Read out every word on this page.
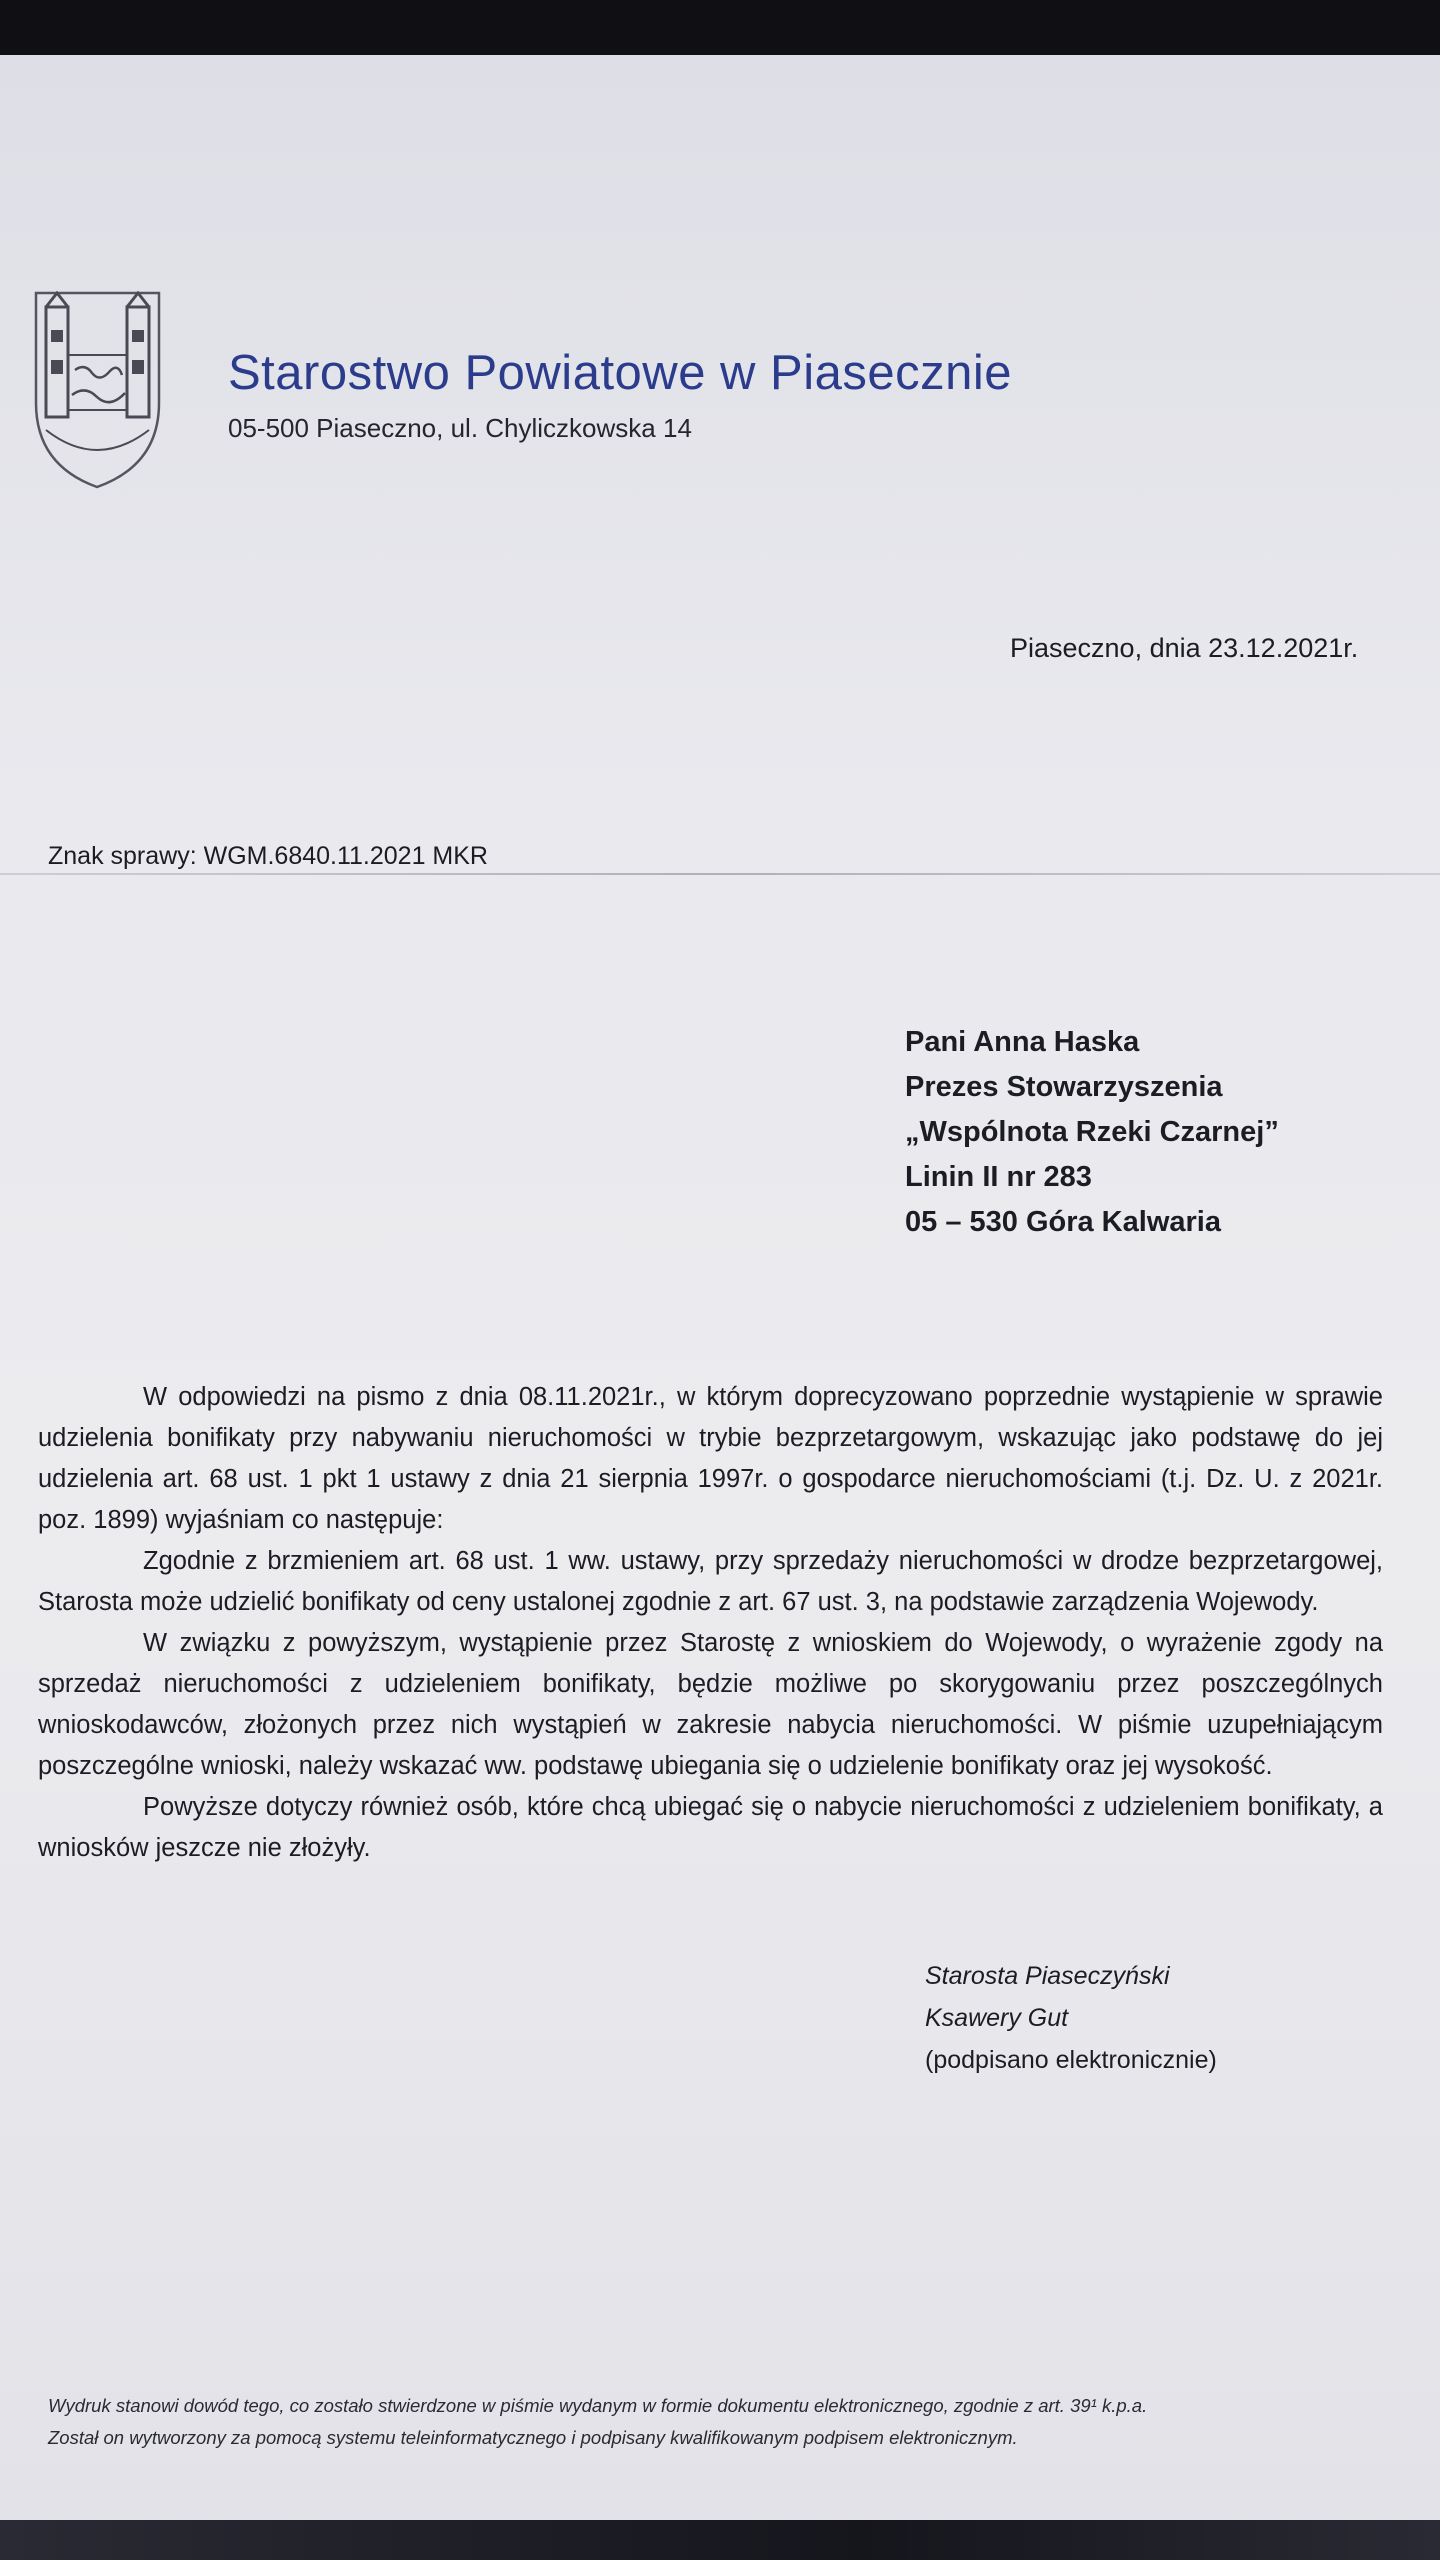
Starostwo Powiatowe w Piasecznie
05-500 Piaseczno, ul. Chyliczkowska 14
Piaseczno, dnia 23.12.2021r.
Znak sprawy: WGM.6840.11.2021 MKR
Pani Anna Haska
Prezes Stowarzyszenia
„Wspólnota Rzeki Czarnej”
Linin II nr 283
05 – 530 Góra Kalwaria

W odpowiedzi na pismo z dnia 08.11.2021r., w którym doprecyzowano poprzednie wystąpienie w sprawie udzielenia bonifikaty przy nabywaniu nieruchomości w trybie bezprzetargowym, wskazując jako podstawę do jej udzielenia art. 68 ust. 1 pkt 1 ustawy z dnia 21 sierpnia 1997r. o gospodarce nieruchomościami (t.j. Dz. U. z 2021r. poz. 1899) wyjaśniam co następuje:

Zgodnie z brzmieniem art. 68 ust. 1 ww. ustawy, przy sprzedaży nieruchomości w drodze bezprzetargowej, Starosta może udzielić bonifikaty od ceny ustalonej zgodnie z art. 67 ust. 3, na podstawie zarządzenia Wojewody.

W związku z powyższym, wystąpienie przez Starostę z wnioskiem do Wojewody, o wyrażenie zgody na sprzedaż nieruchomości z udzieleniem bonifikaty, będzie możliwe po skorygowaniu przez poszczególnych wnioskodawców, złożonych przez nich wystąpień w zakresie nabycia nieruchomości. W piśmie uzupełniającym poszczególne wnioski, należy wskazać ww. podstawę ubiegania się o udzielenie bonifikaty oraz jej wysokość.

Powyższe dotyczy również osób, które chcą ubiegać się o nabycie nieruchomości z udzieleniem bonifikaty, a wniosków jeszcze nie złożyły.

Starosta Piaseczyński
Ksawery Gut
(podpisano elektronicznie)
Wydruk stanowi dowód tego, co zostało stwierdzone w piśmie wydanym w formie dokumentu elektronicznego, zgodnie z art. 39¹ k.p.a.
Został on wytworzony za pomocą systemu teleinformatycznego i podpisany kwalifikowanym podpisem elektronicznym.
